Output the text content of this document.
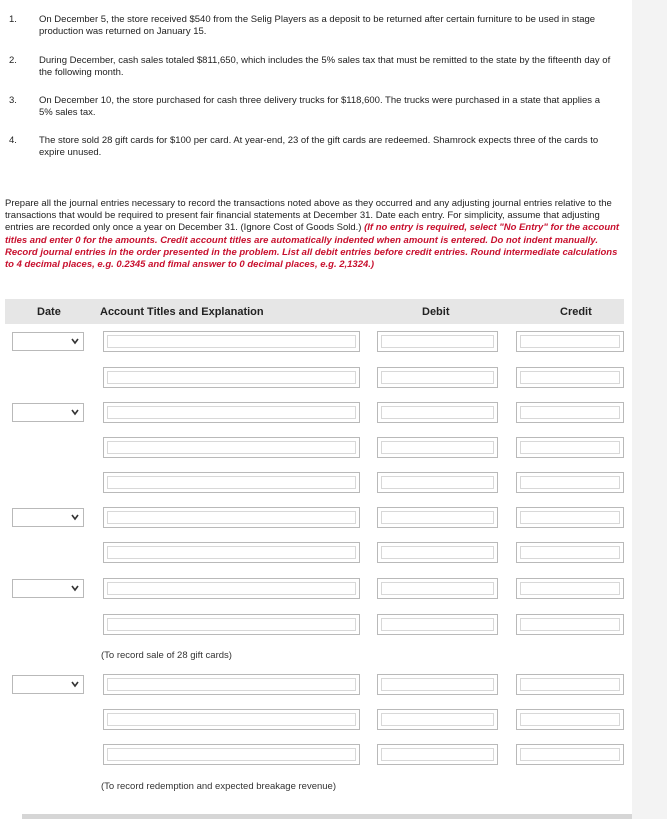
1. On December 5, the store received $540 from the Selig Players as a deposit to be returned after certain furniture to be used in stage production was returned on January 15.
2. During December, cash sales totaled $811,650, which includes the 5% sales tax that must be remitted to the state by the fifteenth day of the following month.
3. On December 10, the store purchased for cash three delivery trucks for $118,600. The trucks were purchased in a state that applies a 5% sales tax.
4. The store sold 28 gift cards for $100 per card. At year-end, 23 of the gift cards are redeemed. Shamrock expects three of the cards to expire unused.
Prepare all the journal entries necessary to record the transactions noted above as they occurred and any adjusting journal entries relative to the transactions that would be required to present fair financial statements at December 31. Date each entry. For simplicity, assume that adjusting entries are recorded only once a year on December 31. (Ignore Cost of Goods Sold.) (If no entry is required, select "No Entry" for the account titles and enter 0 for the amounts. Credit account titles are automatically indented when amount is entered. Do not indent manually. Record journal entries in the order presented in the problem. List all debit entries before credit entries. Round intermediate calculations to 4 decimal places, e.g. 0.2345 and fimal answer to 0 decimal places, e.g. 2,1324.)
Date	Account Titles and Explanation	Debit	Credit
(To record sale of 28 gift cards)
(To record redemption and expected breakage revenue)
